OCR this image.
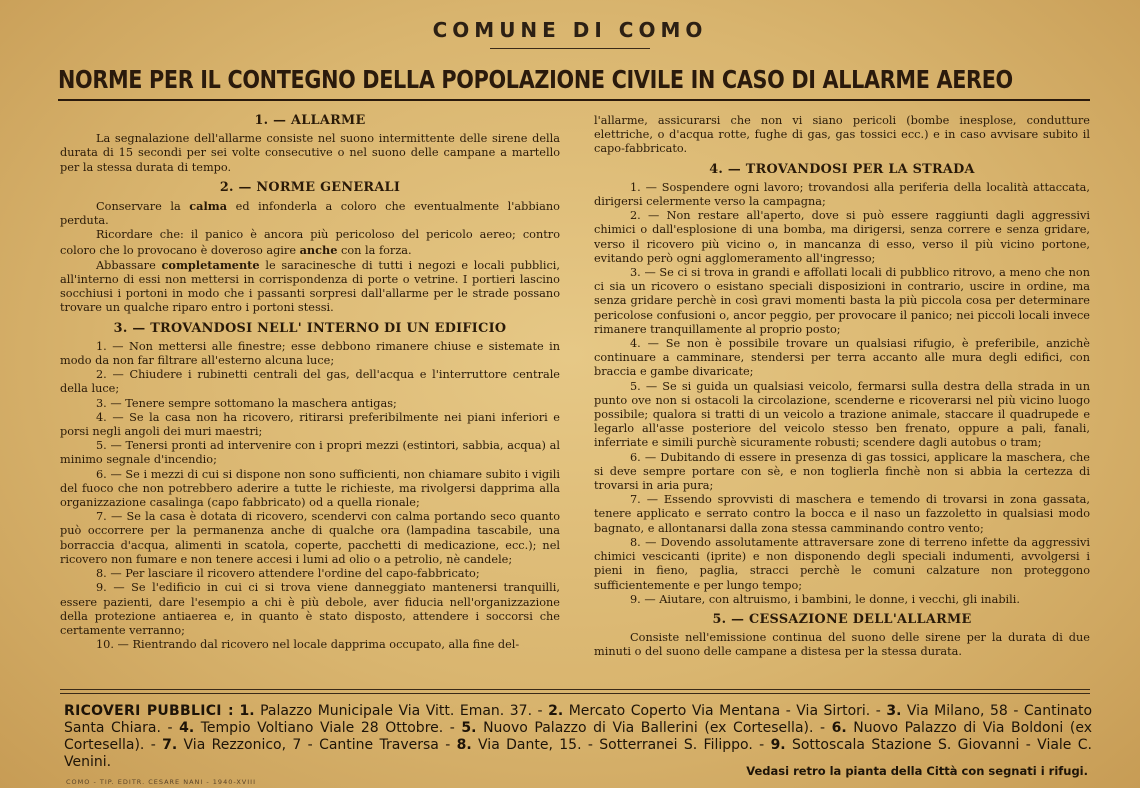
COMUNE DI COMO
NORME PER IL CONTEGNO DELLA POPOLAZIONE CIVILE IN CASO DI ALLARME AEREO
1. — ALLARME

La segnalazione dell'allarme consiste nel suono intermittente delle sirene della durata di 15 secondi per sei volte consecutive o nel suono delle campane a martello per la stessa durata di tempo.

2. — NORME GENERALI

Conservare la calma ed infonderla a coloro che eventualmente l'abbiano perduta.

Ricordare che: il panico è ancora più pericoloso del pericolo aereo; contro coloro che lo provocano è doveroso agire anche con la forza.

Abbassare completamente le saracinesche di tutti i negozi e locali pubblici, all'interno di essi non mettersi in corrispondenza di porte o vetrine. I portieri lascino socchiusi i portoni in modo che i passanti sorpresi dall'allarme per le strade possano trovare un qualche riparo entro i portoni stessi.

3. — TROVANDOSI NELL' INTERNO DI UN EDIFICIO

1. — Non mettersi alle finestre; esse debbono rimanere chiuse e sistemate in modo da non far filtrare all'esterno alcuna luce;

2. — Chiudere i rubinetti centrali del gas, dell'acqua e l'interruttore centrale della luce;

3. — Tenere sempre sottomano la maschera antigas;

4. — Se la casa non ha ricovero, ritirarsi preferibilmente nei piani inferiori e porsi negli angoli dei muri maestri;

5. — Tenersi pronti ad intervenire con i propri mezzi (estintori, sabbia, acqua) al minimo segnale d'incendio;

6. — Se i mezzi di cui si dispone non sono sufficienti, non chiamare subito i vigili del fuoco che non potrebbero aderire a tutte le richieste, ma rivolgersi dapprima alla organizzazione casalinga (capo fabbricato) od a quella rionale;

7. — Se la casa è dotata di ricovero, scendervi con calma portando seco quanto può occorrere per la permanenza anche di qualche ora (lampadina tascabile, una borraccia d'acqua, alimenti in scatola, coperte, pacchetti di medicazione, ecc.); nel ricovero non fumare e non tenere accesi i lumi ad olio o a petrolio, nè candele;

8. — Per lasciare il ricovero attendere l'ordine del capo-fabbricato;

9. — Se l'edificio in cui ci si trova viene danneggiato mantenersi tranquilli, essere pazienti, dare l'esempio a chi è più debole, aver fiducia nell'organizzazione della protezione antiaerea e, in quanto è stato disposto, attendere i soccorsi che certamente verranno;

10. — Rientrando dal ricovero nel locale dapprima occupato, alla fine del-

l'allarme, assicurarsi che non vi siano pericoli (bombe inesplose, condutture elettriche, o d'acqua rotte, fughe di gas, gas tossici ecc.) e in caso avvisare subito il capo-fabbricato.

4. — TROVANDOSI PER LA STRADA

1. — Sospendere ogni lavoro; trovandosi alla periferia della località attaccata, dirigersi celermente verso la campagna;

2. — Non restare all'aperto, dove si può essere raggiunti dagli aggressivi chimici o dall'esplosione di una bomba, ma dirigersi, senza correre e senza gridare, verso il ricovero più vicino o, in mancanza di esso, verso il più vicino portone, evitando però ogni agglomeramento all'ingresso;

3. — Se ci si trova in grandi e affollati locali di pubblico ritrovo, a meno che non ci sia un ricovero o esistano speciali disposizioni in contrario, uscire in ordine, ma senza gridare perchè in così gravi momenti basta la più piccola cosa per determinare pericolose confusioni o, ancor peggio, per provocare il panico; nei piccoli locali invece rimanere tranquillamente al proprio posto;

4. — Se non è possibile trovare un qualsiasi rifugio, è preferibile, anzichè continuare a camminare, stendersi per terra accanto alle mura degli edifici, con braccia e gambe divaricate;

5. — Se si guida un qualsiasi veicolo, fermarsi sulla destra della strada in un punto ove non si ostacoli la circolazione, scenderne e ricoverarsi nel più vicino luogo possibile; qualora si tratti di un veicolo a trazione animale, staccare il quadrupede e legarlo all'asse posteriore del veicolo stesso ben frenato, oppure a pali, fanali, inferriate e simili purchè sicuramente robusti; scendere dagli autobus o tram;

6. — Dubitando di essere in presenza di gas tossici, applicare la maschera, che si deve sempre portare con sè, e non toglierla finchè non si abbia la certezza di trovarsi in aria pura;

7. — Essendo sprovvisti di maschera e temendo di trovarsi in zona gassata, tenere applicato e serrato contro la bocca e il naso un fazzoletto in qualsiasi modo bagnato, e allontanarsi dalla zona stessa camminando contro vento;

8. — Dovendo assolutamente attraversare zone di terreno infette da aggressivi chimici vescicanti (iprite) e non disponendo degli speciali indumenti, avvolgersi i pieni in fieno, paglia, stracci perchè le comuni calzature non proteggono sufficientemente e per lungo tempo;

9. — Aiutare, con altruismo, i bambini, le donne, i vecchi, gli inabili.

5. — CESSAZIONE DELL'ALLARME

Consiste nell'emissione continua del suono delle sirene per la durata di due minuti o del suono delle campane a distesa per la stessa durata.

RICOVERI PUBBLICI : 1. Palazzo Municipale Via Vitt. Eman. 37. - 2. Mercato Coperto Via Mentana - Via Sirtori. - 3. Via Milano, 58 - Cantinato Santa Chiara. - 4. Tempio Voltiano Viale 28 Ottobre. - 5. Nuovo Palazzo di Via Ballerini (ex Cortesella). - 6. Nuovo Palazzo di Via Boldoni (ex Cortesella). - 7. Via Rezzonico, 7 - Cantine Traversa - 8. Via Dante, 15. - Sotterranei S. Filippo. - 9. Sottoscala Stazione S. Giovanni - Viale C. Venini.
COMO - TIP. EDITR. CESARE NANI - 1940-XVIII
Vedasi retro la pianta della Città con segnati i rifugi.
